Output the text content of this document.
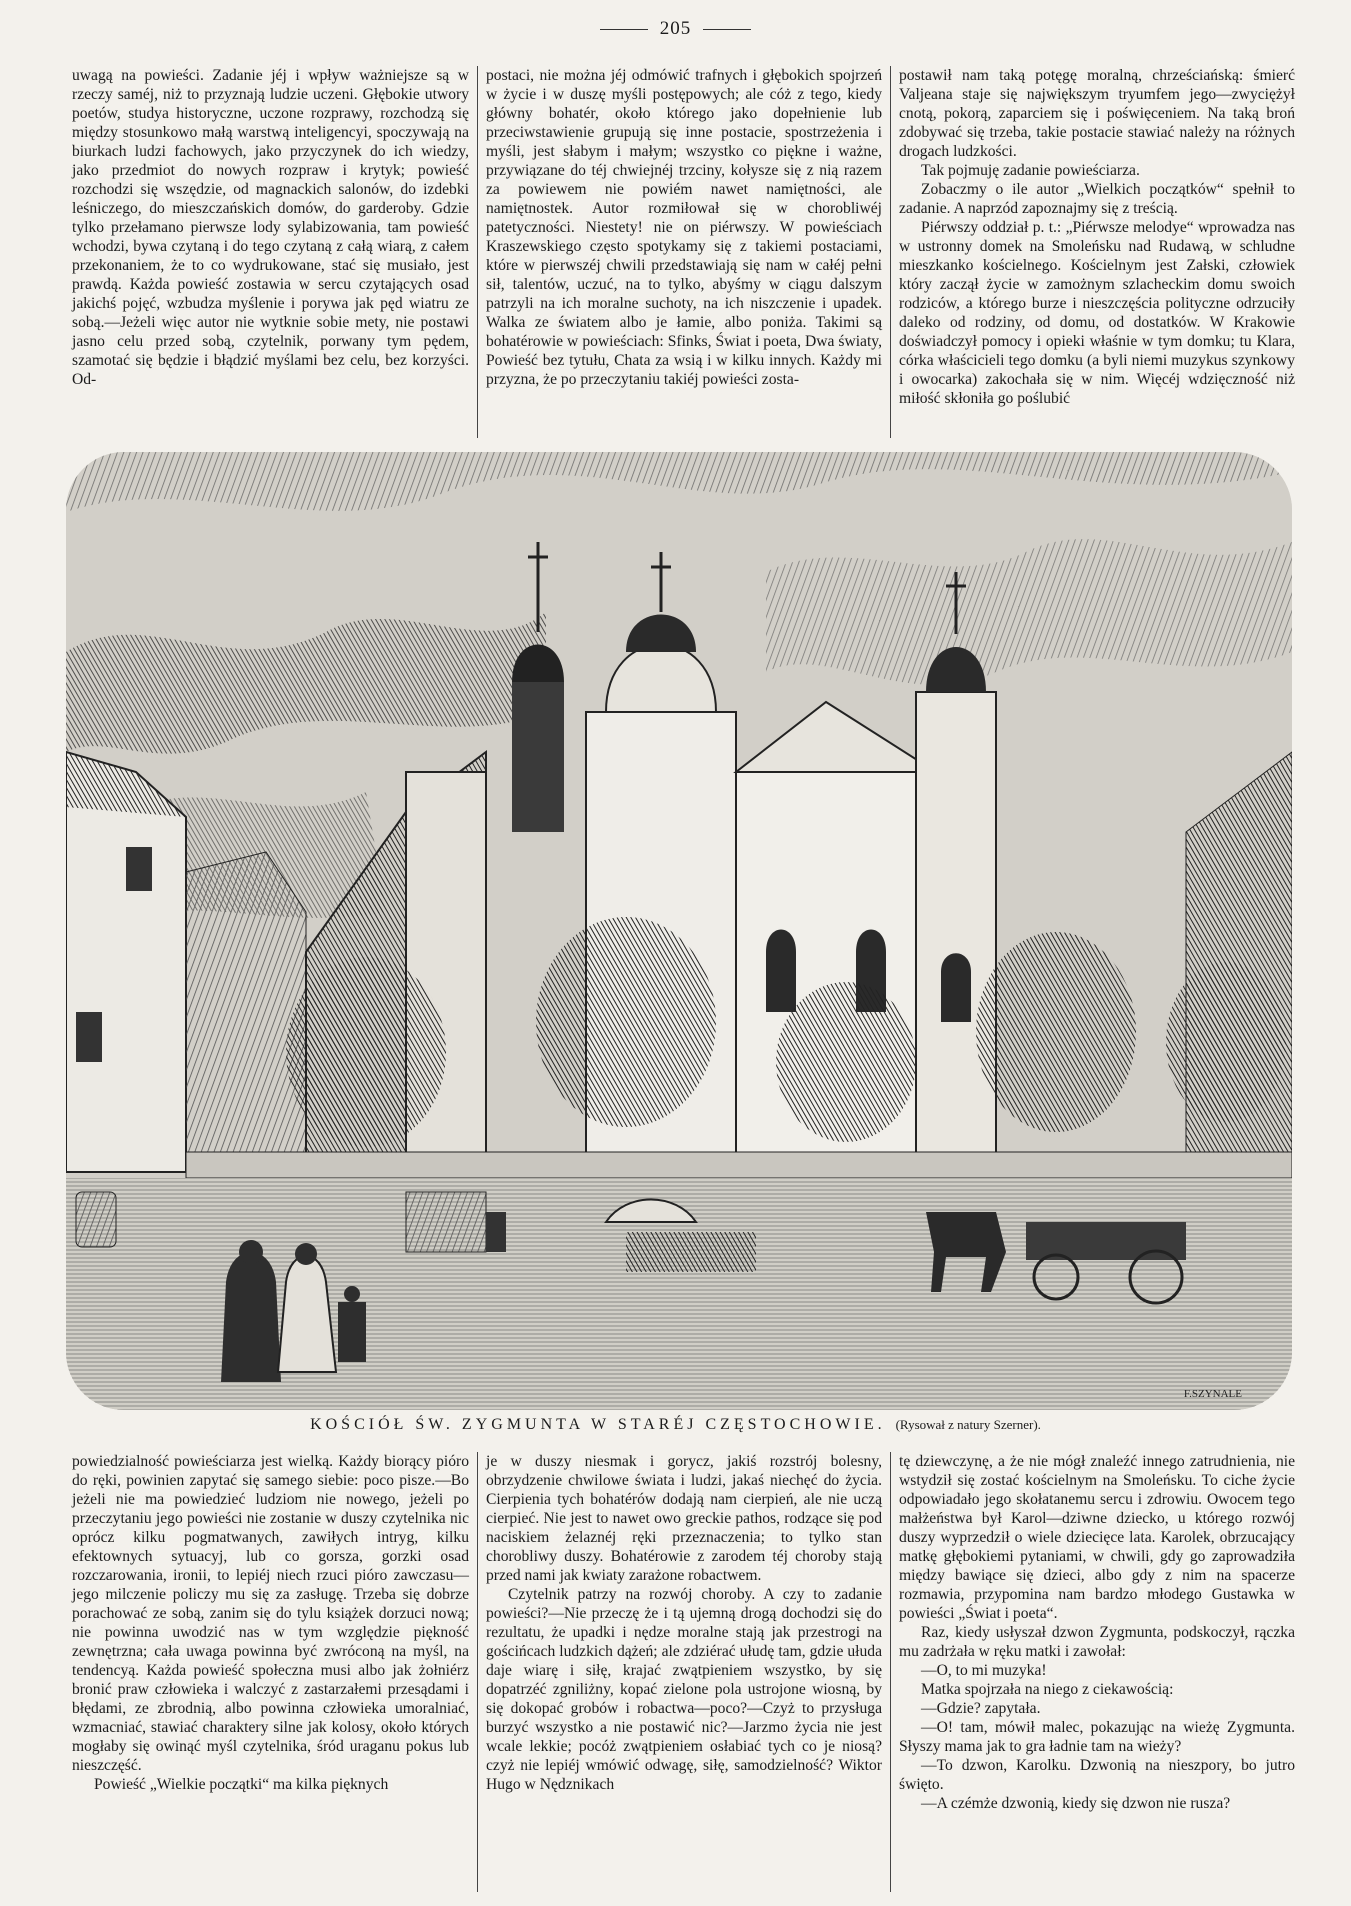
205

uwagą na powieści. Zadanie jéj i wpływ ważniejsze są w rzeczy saméj, niż to przyznają ludzie uczeni. Głębokie utwory poetów, studya historyczne, uczone rozprawy, rozchodzą się między stosunkowo małą warstwą inteligencyi, spoczywają na biurkach ludzi fachowych, jako przyczynek do ich wiedzy, jako przedmiot do nowych rozpraw i krytyk; powieść rozchodzi się wszędzie, od magnackich salonów, do izdebki leśniczego, do mieszczańskich domów, do garderoby. Gdzie tylko przełamano pierwsze lody sylabizowania, tam powieść wchodzi, bywa czytaną i do tego czytaną z całą wiarą, z całem przekonaniem, że to co wydrukowane, stać się musiało, jest prawdą. Każda powieść zostawia w sercu czytających osad jakichś pojęć, wzbudza myślenie i porywa jak pęd wiatru ze sobą.—Jeżeli więc autor nie wytknie sobie mety, nie postawi jasno celu przed sobą, czytelnik, porwany tym pędem, szamotać się będzie i błądzić myślami bez celu, bez korzyści. Od-

postaci, nie można jéj odmówić trafnych i głębokich spojrzeń w życie i w duszę myśli postępowych; ale cóż z tego, kiedy główny bohatér, około którego jako dopełnienie lub przeciwstawienie grupują się inne postacie, spostrzeżenia i myśli, jest słabym i małym; wszystko co piękne i ważne, przywiązane do téj chwiejnéj trzciny, kołysze się z nią razem za powiewem nie powiém nawet namiętności, ale namiętnostek. Autor rozmiłował się w chorobliwéj patetyczności. Niestety! nie on piérwszy. W powieściach Kraszewskiego często spotykamy się z takiemi postaciami, które w pierwszéj chwili przedstawiają się nam w całéj pełni sił, talentów, uczuć, na to tylko, abyśmy w ciągu dalszym patrzyli na ich moralne suchoty, na ich niszczenie i upadek. Walka ze światem albo je łamie, albo poniża. Takimi są bohatérowie w powieściach: Sfinks, Świat i poeta, Dwa światy, Powieść bez tytułu, Chata za wsią i w kilku innych. Każdy mi przyzna, że po przeczytaniu takiéj powieści zosta-

postawił nam taką potęgę moralną, chrześciańską: śmierć Valjeana staje się największym tryumfem jego—zwyciężył cnotą, pokorą, zaparciem się i poświęceniem. Na taką broń zdobywać się trzeba, takie postacie stawiać należy na różnych drogach ludzkości.

Tak pojmuję zadanie powieściarza.

Zobaczmy o ile autor „Wielkich początków“ spełnił to zadanie. A naprzód zapoznajmy się z treścią.

Piérwszy oddział p. t.: „Piérwsze melodye“ wprowadza nas w ustronny domek na Smoleńsku nad Rudawą, w schludne mieszkanko kościelnego. Kościelnym jest Załski, człowiek który zaczął życie w zamożnym szlacheckim domu swoich rodziców, a którego burze i nieszczęścia polityczne odrzuciły daleko od rodziny, od domu, od dostatków. W Krakowie doświadczył pomocy i opieki właśnie w tym domku; tu Klara, córka właścicieli tego domku (a byli niemi muzykus szynkowy i owocarka) zakochała się w nim. Więcéj wdzięczność niż miłość skłoniła go poślubić

F.SZYNALE
KOŚCIÓŁ ŚW. ZYGMUNTA W STARÉJ CZĘSTOCHOWIE. (Rysował z natury Szerner).

powiedzialność powieściarza jest wielką. Każdy biorący pióro do ręki, powinien zapytać się samego siebie: poco pisze.—Bo jeżeli nie ma powiedzieć ludziom nie nowego, jeżeli po przeczytaniu jego powieści nie zostanie w duszy czytelnika nic oprócz kilku pogmatwanych, zawiłych intryg, kilku efektownych sytuacyj, lub co gorsza, gorzki osad rozczarowania, ironii, to lepiéj niech rzuci pióro zawczasu—jego milczenie policzy mu się za zasługę. Trzeba się dobrze porachować ze sobą, zanim się do tylu książek dorzuci nową; nie powinna uwodzić nas w tym względzie piękność zewnętrzna; cała uwaga powinna być zwróconą na myśl, na tendencyą. Każda powieść społeczna musi albo jak żołniérz bronić praw człowieka i walczyć z zastarzałemi przesądami i błędami, ze zbrodnią, albo powinna człowieka umoralniać, wzmacniać, stawiać charaktery silne jak kolosy, około których mogłaby się owinąć myśl czytelnika, śród uraganu pokus lub nieszczęść.

Powieść „Wielkie początki“ ma kilka pięknych

je w duszy niesmak i gorycz, jakiś rozstrój bolesny, obrzydzenie chwilowe świata i ludzi, jakaś niechęć do życia. Cierpienia tych bohatérów dodają nam cierpień, ale nie uczą cierpieć. Nie jest to nawet owo greckie pathos, rodzące się pod naciskiem żelaznéj ręki przeznaczenia; to tylko stan chorobliwy duszy. Bohatérowie z zarodem téj choroby stają przed nami jak kwiaty zarażone robactwem.

Czytelnik patrzy na rozwój choroby. A czy to zadanie powieści?—Nie przeczę że i tą ujemną drogą dochodzi się do rezultatu, że upadki i nędze moralne stają jak przestrogi na gościńcach ludzkich dążeń; ale zdziérać ułudę tam, gdzie ułuda daje wiarę i siłę, krajać zwątpieniem wszystko, by się dopatrzéć zgniliżny, kopać zielone pola ustrojone wiosną, by się dokopać grobów i robactwa—poco?—Czyż to przysługa burzyć wszystko a nie postawić nic?—Jarzmo życia nie jest wcale lekkie; pocóż zwątpieniem osłabiać tych co je niosą? czyż nie lepiéj wmówić odwagę, siłę, samodzielność? Wiktor Hugo w Nędznikach

tę dziewczynę, a że nie mógł znaleźć innego zatrudnienia, nie wstydził się zostać kościelnym na Smoleńsku. To ciche życie odpowiadało jego skołatanemu sercu i zdrowiu. Owocem tego małżeństwa był Karol—dziwne dziecko, u którego rozwój duszy wyprzedził o wiele dziecięce lata. Karolek, obrzucający matkę głębokiemi pytaniami, w chwili, gdy go zaprowadziła między bawiące się dzieci, albo gdy z nim na spacerze rozmawia, przypomina nam bardzo młodego Gustawka w powieści „Świat i poeta“.

Raz, kiedy usłyszał dzwon Zygmunta, podskoczył, rączka mu zadrżała w ręku matki i zawołał:

—O, to mi muzyka!

Matka spojrzała na niego z ciekawością:

—Gdzie? zapytała.

—O! tam, mówił malec, pokazując na wieżę Zygmunta. Słyszy mama jak to gra ładnie tam na wieży?

—To dzwon, Karolku. Dzwonią na nieszpory, bo jutro święto.

—A czémże dzwonią, kiedy się dzwon nie rusza?
